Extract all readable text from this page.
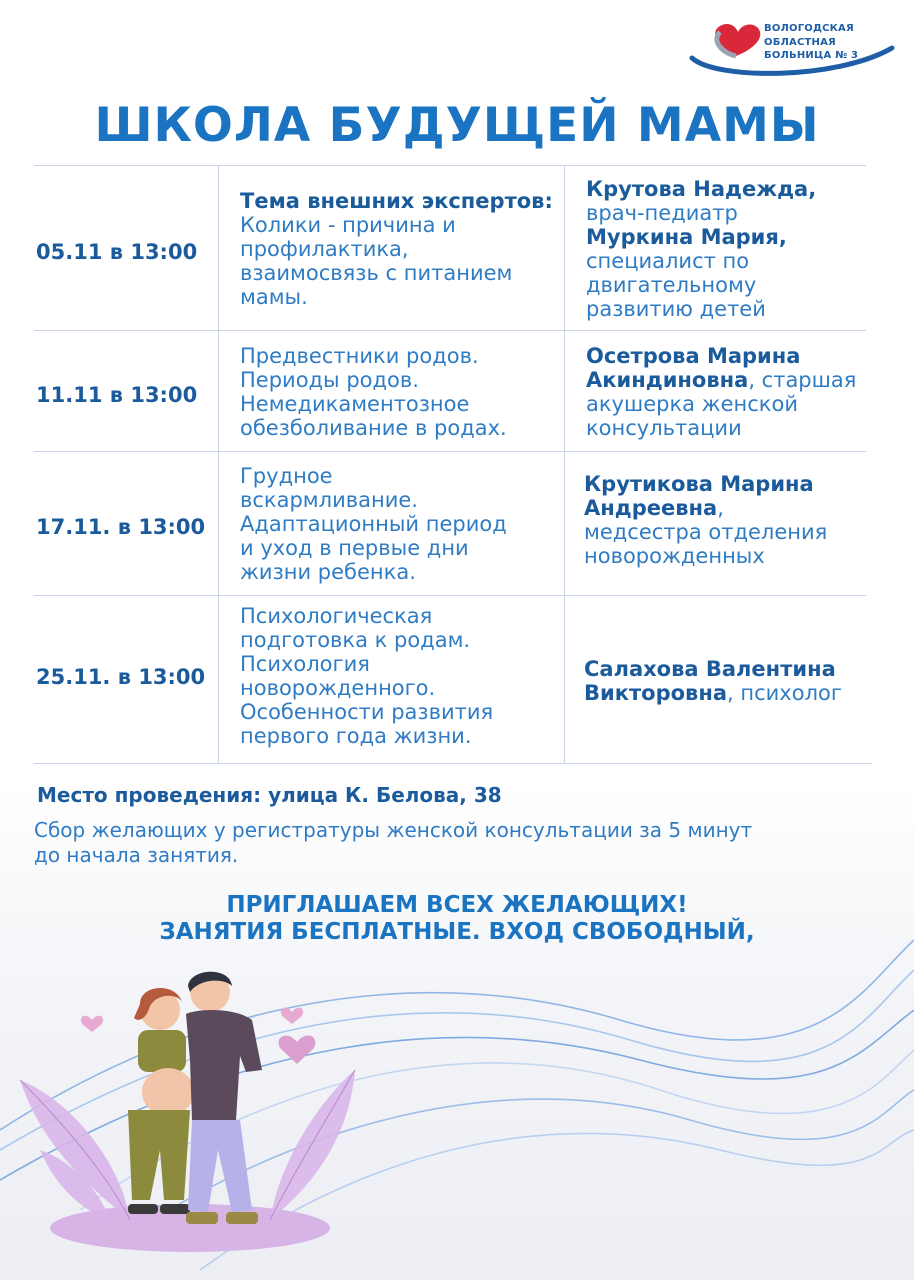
ВОЛОГОДСКАЯ
ОБЛАСТНАЯ
БОЛЬНИЦА № 3
ШКОЛА БУДУЩЕЙ МАМЫ
05.11 в 13:00
Тема внешних экспертов:
Колики - причина и
профилактика,
взаимосвязь с питанием
мамы.
Крутова Надежда,
врач-педиатр
Муркина Мария,
специалист по
двигательному
развитию детей
11.11 в 13:00
Предвестники родов.
Периоды родов.
Немедикаментозное
обезболивание в родах.
Осетрова Марина
Акиндиновна, старшая
акушерка женской
консультации
17.11. в 13:00
Грудное
вскармливание.
Адаптационный период
и уход в первые дни
жизни ребенка.
Крутикова Марина
Андреевна,
медсестра отделения
новорожденных
25.11. в 13:00
Психологическая
подготовка к родам.
Психология
новорожденного.
Особенности развития
первого года жизни.
Салахова Валентина
Викторовна, психолог
Место проведения: улица К. Белова, 38
Сбор желающих у регистратуры женской консультации за 5 минут
до начала занятия.
ПРИГЛАШАЕМ ВСЕХ ЖЕЛАЮЩИХ!
ЗАНЯТИЯ БЕСПЛАТНЫЕ. ВХОД СВОБОДНЫЙ,
